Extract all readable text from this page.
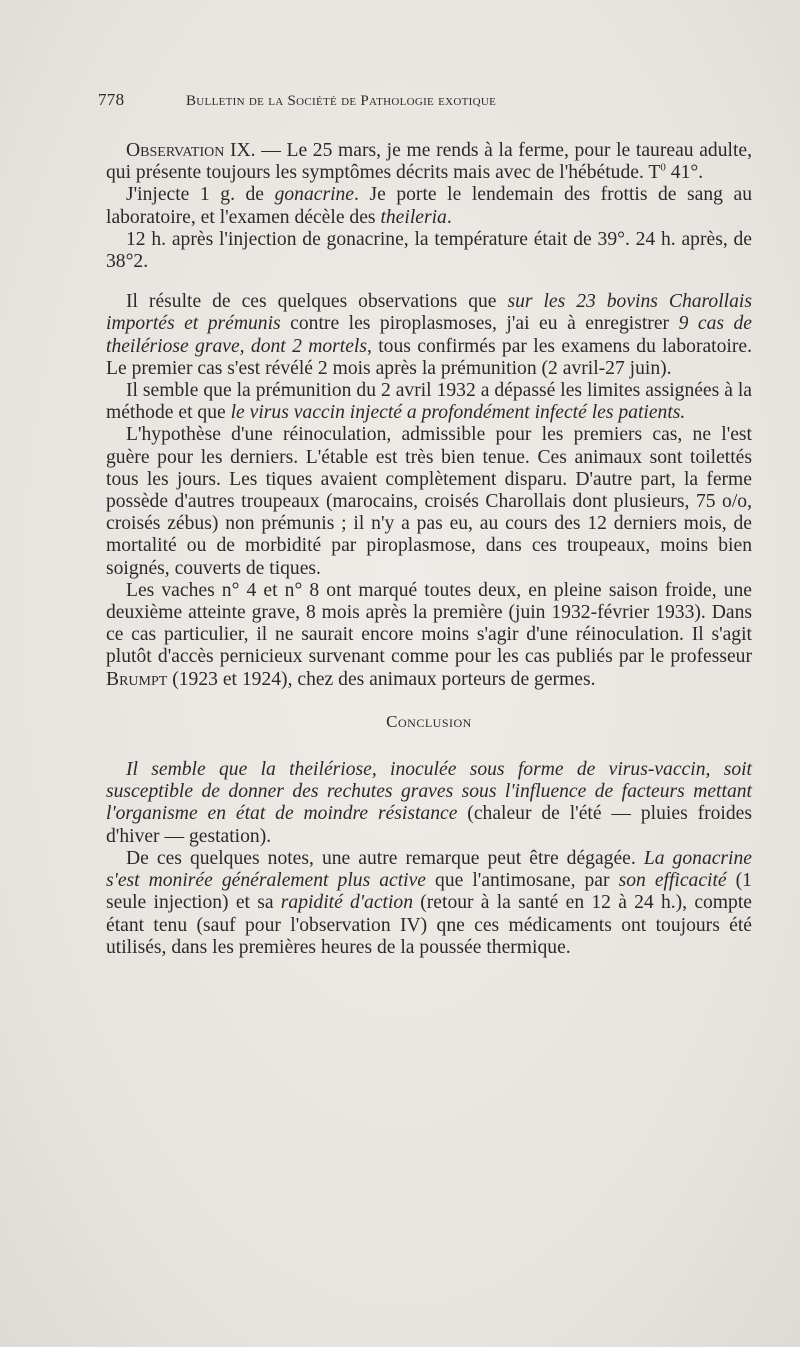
778	Bulletin de la Société de Pathologie exotique

Observation IX. — Le 25 mars, je me rends à la ferme, pour le taureau adulte, qui présente toujours les symptômes décrits mais avec de l'hébétude. $T^0$ 41°.

J'injecte 1 g. de gonacrine. Je porte le lendemain des frottis de sang au laboratoire, et l'examen décèle des theileria.

12 h. après l'injection de gonacrine, la température était de 39°. 24 h. après, de 38°2.

Il résulte de ces quelques observations que sur les 23 bovins Charollais importés et prémunis contre les piroplasmoses, j'ai eu à enregistrer 9 cas de theilériose grave, dont 2 mortels, tous confirmés par les examens du laboratoire. Le premier cas s'est révélé 2 mois après la prémunition (2 avril-27 juin).

Il semble que la prémunition du 2 avril 1932 a dépassé les limites assignées à la méthode et que le virus vaccin injecté a profondément infecté les patients.

L'hypothèse d'une réinoculation, admissible pour les premiers cas, ne l'est guère pour les derniers. L'étable est très bien tenue. Ces animaux sont toilettés tous les jours. Les tiques avaient complètement disparu. D'autre part, la ferme possède d'autres troupeaux (marocains, croisés Charollais dont plusieurs, 75 o/o, croisés zébus) non prémunis ; il n'y a pas eu, au cours des 12 derniers mois, de mortalité ou de morbidité par piroplasmose, dans ces troupeaux, moins bien soignés, couverts de tiques.

Les vaches n° 4 et n° 8 ont marqué toutes deux, en pleine saison froide, une deuxième atteinte grave, 8 mois après la première (juin 1932-février 1933). Dans ce cas particulier, il ne saurait encore moins s'agir d'une réinoculation. Il s'agit plutôt d'accès pernicieux survenant comme pour les cas publiés par le professeur Brumpt (1923 et 1924), chez des animaux porteurs de germes.

Conclusion

Il semble que la theilériose, inoculée sous forme de virus-vaccin, soit susceptible de donner des rechutes graves sous l'influence de facteurs mettant l'organisme en état de moindre résistance (chaleur de l'été — pluies froides d'hiver — gestation).

De ces quelques notes, une autre remarque peut être dégagée. La gonacrine s'est monirée généralement plus active que l'antimosane, par son efficacité (1 seule injection) et sa rapidité d'action (retour à la santé en 12 à 24 h.), compte étant tenu (sauf pour l'observation IV) qne ces médicaments ont toujours été utilisés, dans les premières heures de la poussée thermique.
